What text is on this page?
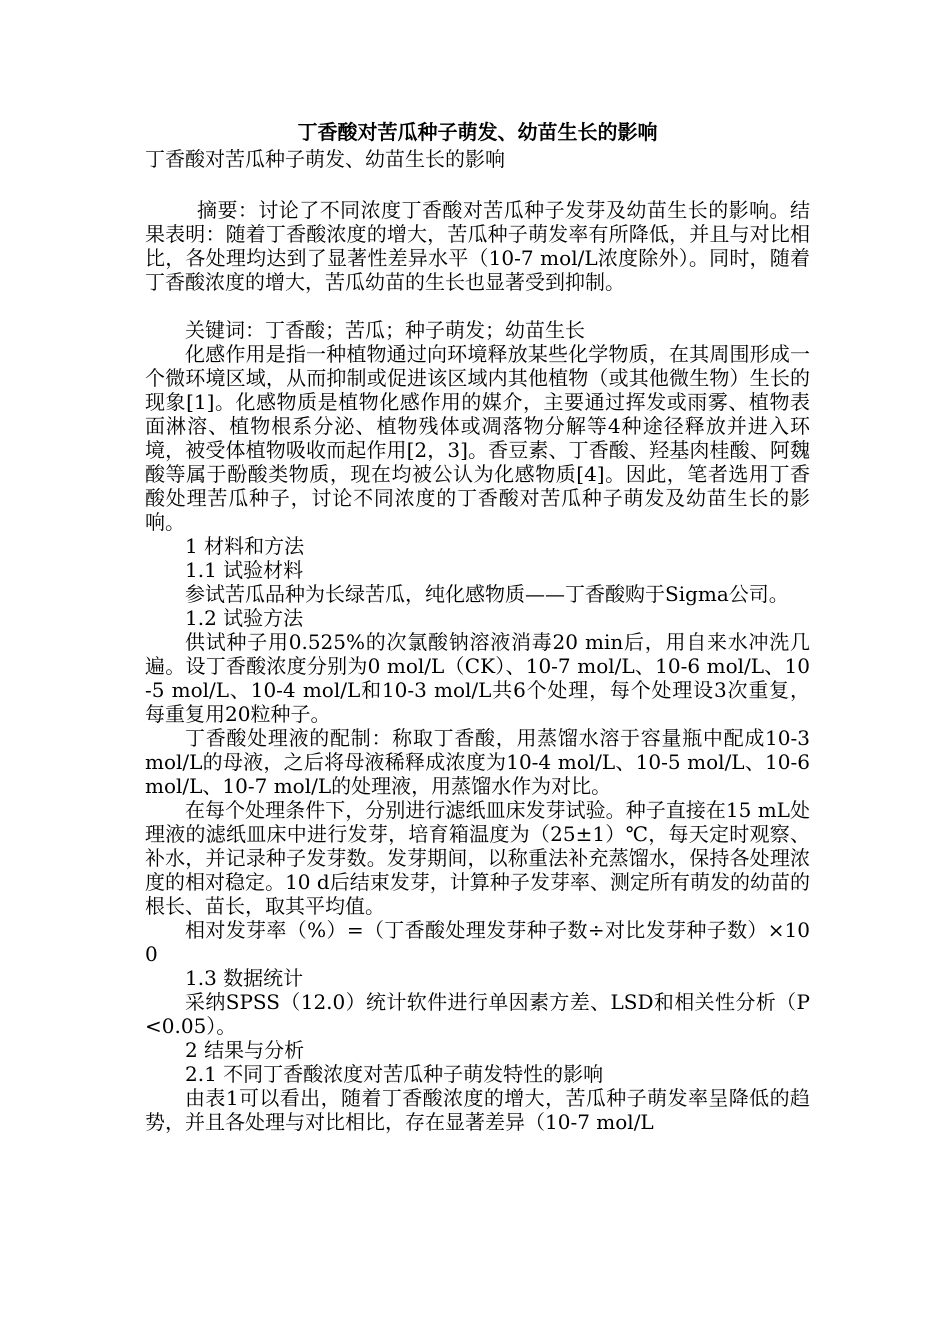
丁香酸对苦瓜种子萌发、幼苗生长的影响

丁香酸对苦瓜种子萌发、幼苗生长的影响

摘要：讨论了不同浓度丁香酸对苦瓜种子发芽及幼苗生长的影响。结果表明：随着丁香酸浓度的增大，苦瓜种子萌发率有所降低，并且与对比相比，各处理均达到了显著性差异水平（10-7 mol/L浓度除外）。同时，随着丁香酸浓度的增大，苦瓜幼苗的生长也显著受到抑制。

关键词：丁香酸；苦瓜；种子萌发；幼苗生长

化感作用是指一种植物通过向环境释放某些化学物质，在其周围形成一个微环境区域，从而抑制或促进该区域内其他植物（或其他微生物）生长的现象[1]。化感物质是植物化感作用的媒介，主要通过挥发或雨雾、植物表面淋溶、植物根系分泌、植物残体或凋落物分解等4种途径释放并进入环境，被受体植物吸收而起作用[2，3]。香豆素、丁香酸、羟基肉桂酸、阿魏酸等属于酚酸类物质，现在均被公认为化感物质[4]。因此，笔者选用丁香酸处理苦瓜种子，讨论不同浓度的丁香酸对苦瓜种子萌发及幼苗生长的影响。

1 材料和方法

1.1 试验材料

参试苦瓜品种为长绿苦瓜，纯化感物质——丁香酸购于Sigma公司。

1.2 试验方法

供试种子用0.525%的次氯酸钠溶液消毒20 min后，用自来水冲洗几遍。设丁香酸浓度分别为0 mol/L（CK）、10-7 mol/L、10-6 mol/L、10-5 mol/L、10-4 mol/L和10-3 mol/L共6个处理，每个处理设3次重复，每重复用20粒种子。

丁香酸处理液的配制：称取丁香酸，用蒸馏水溶于容量瓶中配成10-3 mol/L的母液，之后将母液稀释成浓度为10-4 mol/L、10-5 mol/L、10-6 mol/L、10-7 mol/L的处理液，用蒸馏水作为对比。

在每个处理条件下，分别进行滤纸皿床发芽试验。种子直接在15 mL处理液的滤纸皿床中进行发芽，培育箱温度为（25±1）℃，每天定时观察、补水，并记录种子发芽数。发芽期间，以称重法补充蒸馏水，保持各处理浓度的相对稳定。10 d后结束发芽，计算种子发芽率、测定所有萌发的幼苗的根长、苗长，取其平均值。

相对发芽率（%）=（丁香酸处理发芽种子数÷对比发芽种子数）×100

1.3 数据统计

采纳SPSS（12.0）统计软件进行单因素方差、LSD和相关性分析（P<0.05）。

2 结果与分析

2.1 不同丁香酸浓度对苦瓜种子萌发特性的影响

由表1可以看出，随着丁香酸浓度的增大，苦瓜种子萌发率呈降低的趋势，并且各处理与对比相比，存在显著差异（10-7 mol/L
